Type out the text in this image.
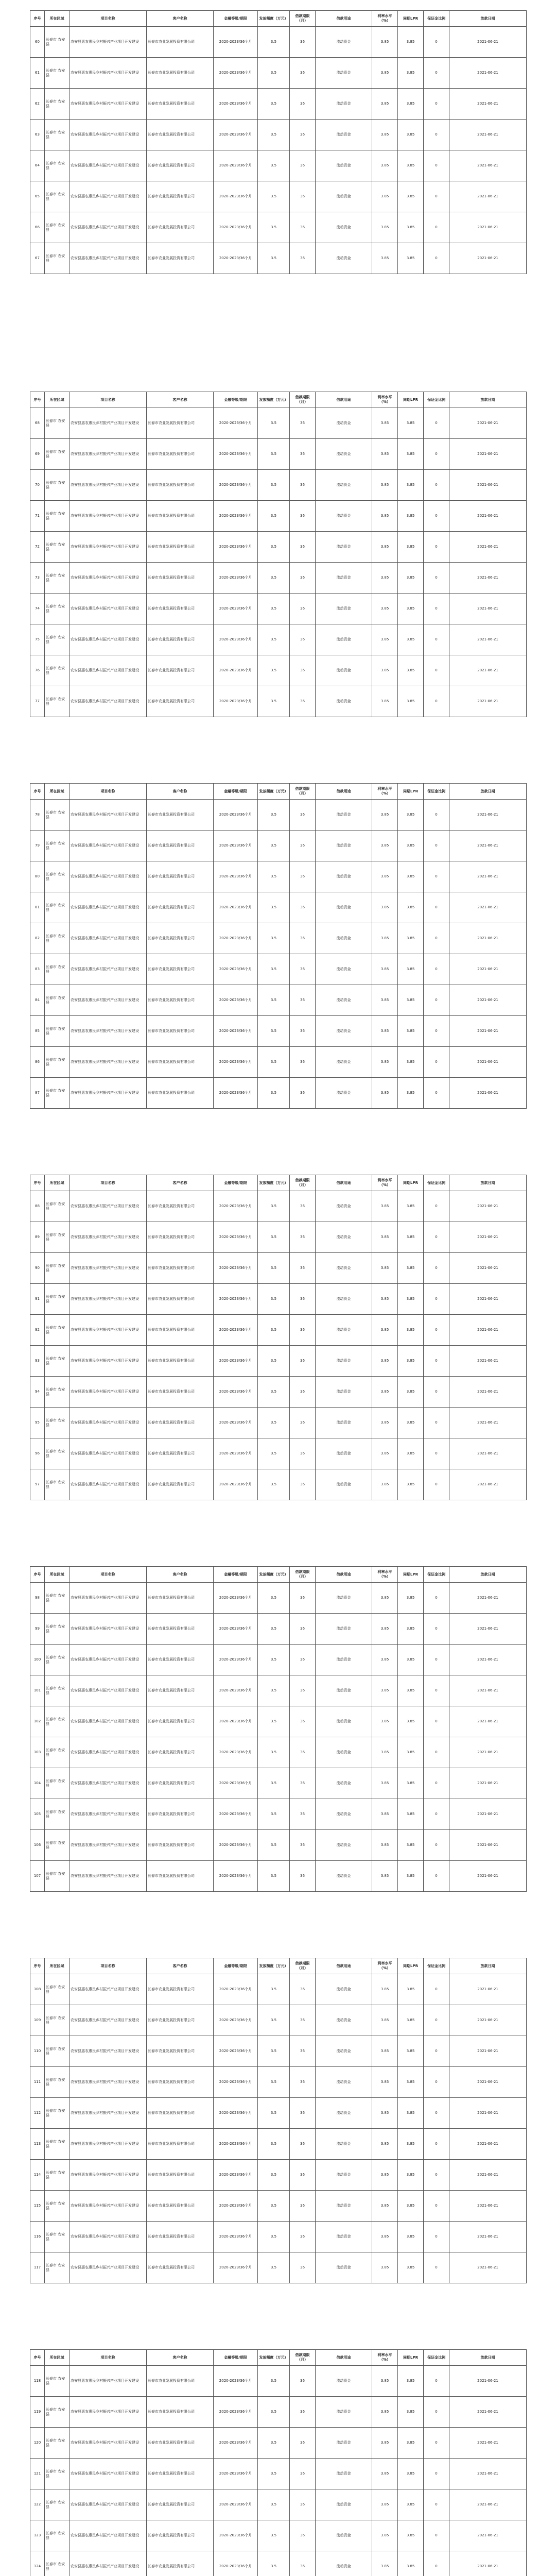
序号	所在区域	项目名称	客户名称	金融等级/期限	发放额度（万元）	借款期限（月）	借款用途	利率水平（%）	同期LPR	保证金比例	放款日期
60	长春市 农安县	农安县惠农惠民乡村振兴产业项目开发建设	长春市农业发展投资有限公司	2020-2023/36个月	3.5	36	流动资金	3.85	3.85	0	2021-06-21
61	长春市 农安县	农安县惠农惠民乡村振兴产业项目开发建设	长春市农业发展投资有限公司	2020-2023/36个月	3.5	36	流动资金	3.85	3.85	0	2021-06-21
62	长春市 农安县	农安县惠农惠民乡村振兴产业项目开发建设	长春市农业发展投资有限公司	2020-2023/36个月	3.5	36	流动资金	3.85	3.85	0	2021-06-21
63	长春市 农安县	农安县惠农惠民乡村振兴产业项目开发建设	长春市农业发展投资有限公司	2020-2023/36个月	3.5	36	流动资金	3.85	3.85	0	2021-06-21
64	长春市 农安县	农安县惠农惠民乡村振兴产业项目开发建设	长春市农业发展投资有限公司	2020-2023/36个月	3.5	36	流动资金	3.85	3.85	0	2021-06-21
65	长春市 农安县	农安县惠农惠民乡村振兴产业项目开发建设	长春市农业发展投资有限公司	2020-2023/36个月	3.5	36	流动资金	3.85	3.85	0	2021-06-21
66	长春市 农安县	农安县惠农惠民乡村振兴产业项目开发建设	长春市农业发展投资有限公司	2020-2023/36个月	3.5	36	流动资金	3.85	3.85	0	2021-06-21
67	长春市 农安县	农安县惠农惠民乡村振兴产业项目开发建设	长春市农业发展投资有限公司	2020-2023/36个月	3.5	36	流动资金	3.85	3.85	0	2021-06-21
序号	所在区域	项目名称	客户名称	金融等级/期限	发放额度（万元）	借款期限（月）	借款用途	利率水平（%）	同期LPR	保证金比例	放款日期
68	长春市 农安县	农安县惠农惠民乡村振兴产业项目开发建设	长春市农业发展投资有限公司	2020-2023/36个月	3.5	36	流动资金	3.85	3.85	0	2021-06-21
69	长春市 农安县	农安县惠农惠民乡村振兴产业项目开发建设	长春市农业发展投资有限公司	2020-2023/36个月	3.5	36	流动资金	3.85	3.85	0	2021-06-21
70	长春市 农安县	农安县惠农惠民乡村振兴产业项目开发建设	长春市农业发展投资有限公司	2020-2023/36个月	3.5	36	流动资金	3.85	3.85	0	2021-06-21
71	长春市 农安县	农安县惠农惠民乡村振兴产业项目开发建设	长春市农业发展投资有限公司	2020-2023/36个月	3.5	36	流动资金	3.85	3.85	0	2021-06-21
72	长春市 农安县	农安县惠农惠民乡村振兴产业项目开发建设	长春市农业发展投资有限公司	2020-2023/36个月	3.5	36	流动资金	3.85	3.85	0	2021-06-21
73	长春市 农安县	农安县惠农惠民乡村振兴产业项目开发建设	长春市农业发展投资有限公司	2020-2023/36个月	3.5	36	流动资金	3.85	3.85	0	2021-06-21
74	长春市 农安县	农安县惠农惠民乡村振兴产业项目开发建设	长春市农业发展投资有限公司	2020-2023/36个月	3.5	36	流动资金	3.85	3.85	0	2021-06-21
75	长春市 农安县	农安县惠农惠民乡村振兴产业项目开发建设	长春市农业发展投资有限公司	2020-2023/36个月	3.5	36	流动资金	3.85	3.85	0	2021-06-21
76	长春市 农安县	农安县惠农惠民乡村振兴产业项目开发建设	长春市农业发展投资有限公司	2020-2023/36个月	3.5	36	流动资金	3.85	3.85	0	2021-06-21
77	长春市 农安县	农安县惠农惠民乡村振兴产业项目开发建设	长春市农业发展投资有限公司	2020-2023/36个月	3.5	36	流动资金	3.85	3.85	0	2021-06-21
序号	所在区域	项目名称	客户名称	金融等级/期限	发放额度（万元）	借款期限（月）	借款用途	利率水平（%）	同期LPR	保证金比例	放款日期
78	长春市 农安县	农安县惠农惠民乡村振兴产业项目开发建设	长春市农业发展投资有限公司	2020-2023/36个月	3.5	36	流动资金	3.85	3.85	0	2021-06-21
79	长春市 农安县	农安县惠农惠民乡村振兴产业项目开发建设	长春市农业发展投资有限公司	2020-2023/36个月	3.5	36	流动资金	3.85	3.85	0	2021-06-21
80	长春市 农安县	农安县惠农惠民乡村振兴产业项目开发建设	长春市农业发展投资有限公司	2020-2023/36个月	3.5	36	流动资金	3.85	3.85	0	2021-06-21
81	长春市 农安县	农安县惠农惠民乡村振兴产业项目开发建设	长春市农业发展投资有限公司	2020-2023/36个月	3.5	36	流动资金	3.85	3.85	0	2021-06-21
82	长春市 农安县	农安县惠农惠民乡村振兴产业项目开发建设	长春市农业发展投资有限公司	2020-2023/36个月	3.5	36	流动资金	3.85	3.85	0	2021-06-21
83	长春市 农安县	农安县惠农惠民乡村振兴产业项目开发建设	长春市农业发展投资有限公司	2020-2023/36个月	3.5	36	流动资金	3.85	3.85	0	2021-06-21
84	长春市 农安县	农安县惠农惠民乡村振兴产业项目开发建设	长春市农业发展投资有限公司	2020-2023/36个月	3.5	36	流动资金	3.85	3.85	0	2021-06-21
85	长春市 农安县	农安县惠农惠民乡村振兴产业项目开发建设	长春市农业发展投资有限公司	2020-2023/36个月	3.5	36	流动资金	3.85	3.85	0	2021-06-21
86	长春市 农安县	农安县惠农惠民乡村振兴产业项目开发建设	长春市农业发展投资有限公司	2020-2023/36个月	3.5	36	流动资金	3.85	3.85	0	2021-06-21
87	长春市 农安县	农安县惠农惠民乡村振兴产业项目开发建设	长春市农业发展投资有限公司	2020-2023/36个月	3.5	36	流动资金	3.85	3.85	0	2021-06-21
序号	所在区域	项目名称	客户名称	金融等级/期限	发放额度（万元）	借款期限（月）	借款用途	利率水平（%）	同期LPR	保证金比例	放款日期
88	长春市 农安县	农安县惠农惠民乡村振兴产业项目开发建设	长春市农业发展投资有限公司	2020-2023/36个月	3.5	36	流动资金	3.85	3.85	0	2021-06-21
89	长春市 农安县	农安县惠农惠民乡村振兴产业项目开发建设	长春市农业发展投资有限公司	2020-2023/36个月	3.5	36	流动资金	3.85	3.85	0	2021-06-21
90	长春市 农安县	农安县惠农惠民乡村振兴产业项目开发建设	长春市农业发展投资有限公司	2020-2023/36个月	3.5	36	流动资金	3.85	3.85	0	2021-06-21
91	长春市 农安县	农安县惠农惠民乡村振兴产业项目开发建设	长春市农业发展投资有限公司	2020-2023/36个月	3.5	36	流动资金	3.85	3.85	0	2021-06-21
92	长春市 农安县	农安县惠农惠民乡村振兴产业项目开发建设	长春市农业发展投资有限公司	2020-2023/36个月	3.5	36	流动资金	3.85	3.85	0	2021-06-21
93	长春市 农安县	农安县惠农惠民乡村振兴产业项目开发建设	长春市农业发展投资有限公司	2020-2023/36个月	3.5	36	流动资金	3.85	3.85	0	2021-06-21
94	长春市 农安县	农安县惠农惠民乡村振兴产业项目开发建设	长春市农业发展投资有限公司	2020-2023/36个月	3.5	36	流动资金	3.85	3.85	0	2021-06-21
95	长春市 农安县	农安县惠农惠民乡村振兴产业项目开发建设	长春市农业发展投资有限公司	2020-2023/36个月	3.5	36	流动资金	3.85	3.85	0	2021-06-21
96	长春市 农安县	农安县惠农惠民乡村振兴产业项目开发建设	长春市农业发展投资有限公司	2020-2023/36个月	3.5	36	流动资金	3.85	3.85	0	2021-06-21
97	长春市 农安县	农安县惠农惠民乡村振兴产业项目开发建设	长春市农业发展投资有限公司	2020-2023/36个月	3.5	36	流动资金	3.85	3.85	0	2021-06-21
序号	所在区域	项目名称	客户名称	金融等级/期限	发放额度（万元）	借款期限（月）	借款用途	利率水平（%）	同期LPR	保证金比例	放款日期
98	长春市 农安县	农安县惠农惠民乡村振兴产业项目开发建设	长春市农业发展投资有限公司	2020-2023/36个月	3.5	36	流动资金	3.85	3.85	0	2021-06-21
99	长春市 农安县	农安县惠农惠民乡村振兴产业项目开发建设	长春市农业发展投资有限公司	2020-2023/36个月	3.5	36	流动资金	3.85	3.85	0	2021-06-21
100	长春市 农安县	农安县惠农惠民乡村振兴产业项目开发建设	长春市农业发展投资有限公司	2020-2023/36个月	3.5	36	流动资金	3.85	3.85	0	2021-06-21
101	长春市 农安县	农安县惠农惠民乡村振兴产业项目开发建设	长春市农业发展投资有限公司	2020-2023/36个月	3.5	36	流动资金	3.85	3.85	0	2021-06-21
102	长春市 农安县	农安县惠农惠民乡村振兴产业项目开发建设	长春市农业发展投资有限公司	2020-2023/36个月	3.5	36	流动资金	3.85	3.85	0	2021-06-21
103	长春市 农安县	农安县惠农惠民乡村振兴产业项目开发建设	长春市农业发展投资有限公司	2020-2023/36个月	3.5	36	流动资金	3.85	3.85	0	2021-06-21
104	长春市 农安县	农安县惠农惠民乡村振兴产业项目开发建设	长春市农业发展投资有限公司	2020-2023/36个月	3.5	36	流动资金	3.85	3.85	0	2021-06-21
105	长春市 农安县	农安县惠农惠民乡村振兴产业项目开发建设	长春市农业发展投资有限公司	2020-2023/36个月	3.5	36	流动资金	3.85	3.85	0	2021-06-21
106	长春市 农安县	农安县惠农惠民乡村振兴产业项目开发建设	长春市农业发展投资有限公司	2020-2023/36个月	3.5	36	流动资金	3.85	3.85	0	2021-06-21
107	长春市 农安县	农安县惠农惠民乡村振兴产业项目开发建设	长春市农业发展投资有限公司	2020-2023/36个月	3.5	36	流动资金	3.85	3.85	0	2021-06-21
序号	所在区域	项目名称	客户名称	金融等级/期限	发放额度（万元）	借款期限（月）	借款用途	利率水平（%）	同期LPR	保证金比例	放款日期
108	长春市 农安县	农安县惠农惠民乡村振兴产业项目开发建设	长春市农业发展投资有限公司	2020-2023/36个月	3.5	36	流动资金	3.85	3.85	0	2021-06-21
109	长春市 农安县	农安县惠农惠民乡村振兴产业项目开发建设	长春市农业发展投资有限公司	2020-2023/36个月	3.5	36	流动资金	3.85	3.85	0	2021-06-21
110	长春市 农安县	农安县惠农惠民乡村振兴产业项目开发建设	长春市农业发展投资有限公司	2020-2023/36个月	3.5	36	流动资金	3.85	3.85	0	2021-06-21
111	长春市 农安县	农安县惠农惠民乡村振兴产业项目开发建设	长春市农业发展投资有限公司	2020-2023/36个月	3.5	36	流动资金	3.85	3.85	0	2021-06-21
112	长春市 农安县	农安县惠农惠民乡村振兴产业项目开发建设	长春市农业发展投资有限公司	2020-2023/36个月	3.5	36	流动资金	3.85	3.85	0	2021-06-21
113	长春市 农安县	农安县惠农惠民乡村振兴产业项目开发建设	长春市农业发展投资有限公司	2020-2023/36个月	3.5	36	流动资金	3.85	3.85	0	2021-06-21
114	长春市 农安县	农安县惠农惠民乡村振兴产业项目开发建设	长春市农业发展投资有限公司	2020-2023/36个月	3.5	36	流动资金	3.85	3.85	0	2021-06-21
115	长春市 农安县	农安县惠农惠民乡村振兴产业项目开发建设	长春市农业发展投资有限公司	2020-2023/36个月	3.5	36	流动资金	3.85	3.85	0	2021-06-21
116	长春市 农安县	农安县惠农惠民乡村振兴产业项目开发建设	长春市农业发展投资有限公司	2020-2023/36个月	3.5	36	流动资金	3.85	3.85	0	2021-06-21
117	长春市 农安县	农安县惠农惠民乡村振兴产业项目开发建设	长春市农业发展投资有限公司	2020-2023/36个月	3.5	36	流动资金	3.85	3.85	0	2021-06-21
序号	所在区域	项目名称	客户名称	金融等级/期限	发放额度（万元）	借款期限（月）	借款用途	利率水平（%）	同期LPR	保证金比例	放款日期
118	长春市 农安县	农安县惠农惠民乡村振兴产业项目开发建设	长春市农业发展投资有限公司	2020-2023/36个月	3.5	36	流动资金	3.85	3.85	0	2021-06-21
119	长春市 农安县	农安县惠农惠民乡村振兴产业项目开发建设	长春市农业发展投资有限公司	2020-2023/36个月	3.5	36	流动资金	3.85	3.85	0	2021-06-21
120	长春市 农安县	农安县惠农惠民乡村振兴产业项目开发建设	长春市农业发展投资有限公司	2020-2023/36个月	3.5	36	流动资金	3.85	3.85	0	2021-06-21
121	长春市 农安县	农安县惠农惠民乡村振兴产业项目开发建设	长春市农业发展投资有限公司	2020-2023/36个月	3.5	36	流动资金	3.85	3.85	0	2021-06-21
122	长春市 农安县	农安县惠农惠民乡村振兴产业项目开发建设	长春市农业发展投资有限公司	2020-2023/36个月	3.5	36	流动资金	3.85	3.85	0	2021-06-21
123	长春市 农安县	农安县惠农惠民乡村振兴产业项目开发建设	长春市农业发展投资有限公司	2020-2023/36个月	3.5	36	流动资金	3.85	3.85	0	2021-06-21
124	长春市 农安县	农安县惠农惠民乡村振兴产业项目开发建设	长春市农业发展投资有限公司	2020-2023/36个月	3.5	36	流动资金	3.85	3.85	0	2021-06-21
